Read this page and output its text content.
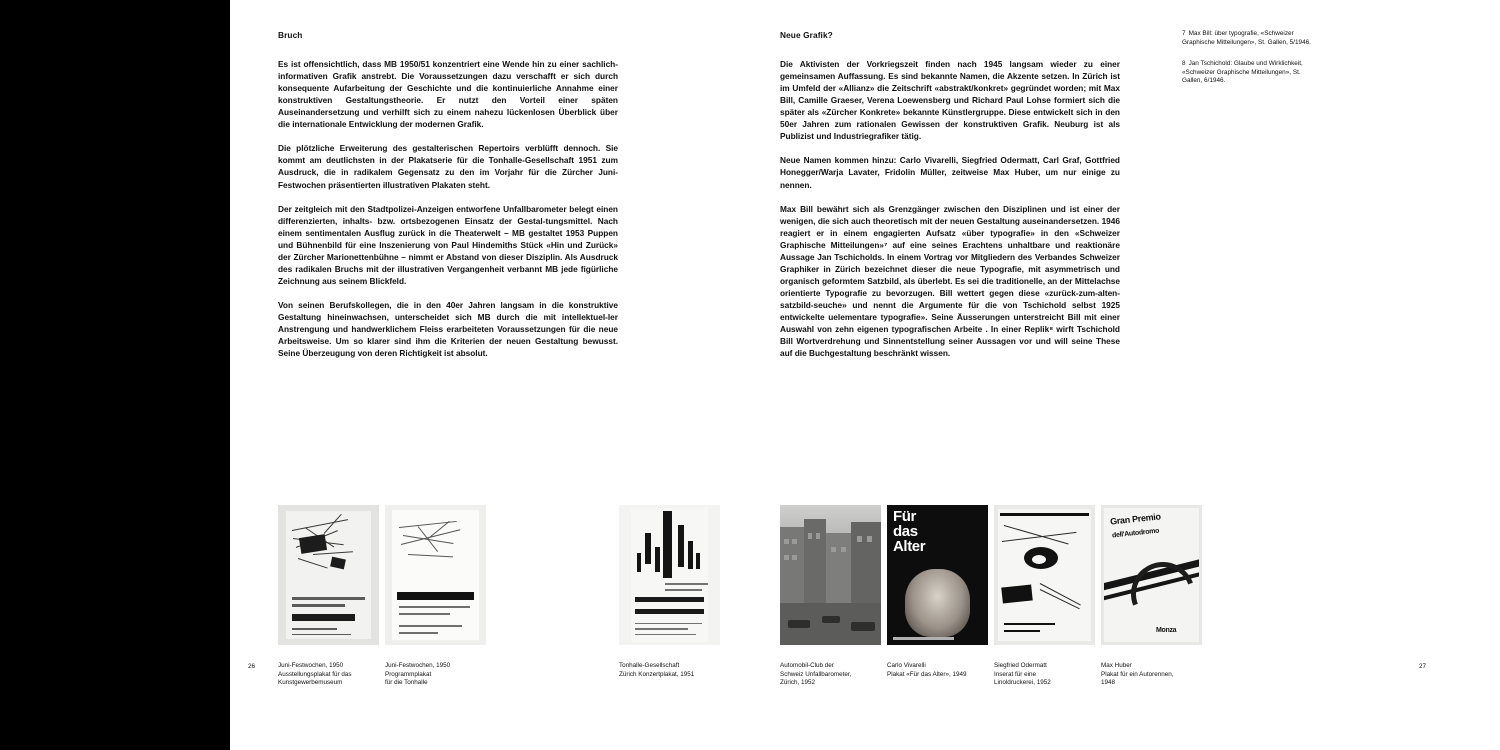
Bruch

Es ist offensichtlich, dass MB 1950/51 konzentriert eine Wende hin zu einer sachlich-informativen Grafik anstrebt. Die Voraussetzungen dazu verschafft er sich durch konsequente Aufarbeitung der Geschichte und die kontinuierliche Annahme einer konstruktiven Gestaltungstheorie. Er nutzt den Vorteil einer späten Auseinandersetzung und verhilft sich zu einem nahezu lückenlosen Überblick über die internationale Entwicklung der modernen Grafik.

Die plötzliche Erweiterung des gestalterischen Repertoirs verblüfft dennoch. Sie kommt am deutlichsten in der Plakatserie für die Tonhalle-Gesellschaft 1951 zum Ausdruck, die in radikalem Gegensatz zu den im Vorjahr für die Zürcher Juni-Festwochen präsentierten illustrativen Plakaten steht.

Der zeitgleich mit den Stadtpolizei-Anzeigen entworfene Unfallbarometer belegt einen differenzierten, inhalts- bzw. ortsbezogenen Einsatz der Gestal-tungsmittel. Nach einem sentimentalen Ausflug zurück in die Theaterwelt – MB gestaltet 1953 Puppen und Bühnenbild für eine Inszenierung von Paul Hindemiths Stück «Hin und Zurück» der Zürcher Marionettenbühne – nimmt er Abstand von dieser Disziplin. Als Ausdruck des radikalen Bruchs mit der illustrativen Vergangenheit verbannt MB jede figürliche Zeichnung aus seinem Blickfeld.

Von seinen Berufskollegen, die in den 40er Jahren langsam in die konstruktive Gestaltung hineinwachsen, unterscheidet sich MB durch die mit intellektuel-ler Anstrengung und handwerklichem Fleiss erarbeiteten Voraussetzungen für die neue Arbeitsweise. Um so klarer sind ihm die Kriterien der neuen Gestaltung bewusst. Seine Überzeugung von deren Richtigkeit ist absolut.

Neue Grafik?

Die Aktivisten der Vorkriegszeit finden nach 1945 langsam wieder zu einer gemeinsamen Auffassung. Es sind bekannte Namen, die Akzente setzen. In Zürich ist im Umfeld der «Allianz» die Zeitschrift «abstrakt/konkret» gegründet worden; mit Max Bill, Camille Graeser, Verena Loewensberg und Richard Paul Lohse formiert sich die später als «Zürcher Konkrete» bekannte Künstlergruppe. Diese entwickelt sich in den 50er Jahren zum rationalen Gewissen der konstruktiven Grafik. Neuburg ist als Publizist und Industriegrafiker tätig.

Neue Namen kommen hinzu: Carlo Vivarelli, Siegfried Odermatt, Carl Graf, Gottfried Honegger/Warja Lavater, Fridolin Müller, zeitweise Max Huber, um nur einige zu nennen.

Max Bill bewährt sich als Grenzgänger zwischen den Disziplinen und ist einer der wenigen, die sich auch theoretisch mit der neuen Gestaltung auseinandersetzen. 1946 reagiert er in einem engagierten Aufsatz «über typografie» in den «Schweizer Graphische Mitteilungen»⁷ auf eine seines Erachtens unhaltbare und reaktionäre Aussage Jan Tschicholds. In einem Vortrag vor Mitgliedern des Verbandes Schweizer Graphiker in Zürich bezeichnet dieser die neue Typografie, mit asymmetrisch und organisch geformtem Satzbild, als überlebt. Es sei die traditionelle, an der Mittelachse orientierte Typografie zu bevorzugen. Bill wettert gegen diese «zurück-zum-alten-satzbild-seuche» und nennt die Argumente für die von Tschichold selbst 1925 entwickelte uelementare typografie». Seine Äusserungen unterstreicht Bill mit einer Auswahl von zehn eigenen typografischen Arbeite . In einer Replik⁸ wirft Tschichold Bill Wortverdrehung und Sinnentstellung seiner Aussagen vor und will seine These auf die Buchgestaltung beschränkt wissen.

7 Max Bill: über typografie, «Schweizer Graphische Mitteilungen», St. Gallen, 5/1946.
8 Jan Tschichold: Glaube und Wirklichkeit, «Schweizer Graphische Mitteilungen», St. Gallen, 6/1946.
Juni-Festwochen, 1950
Ausstellungsplakat für das
Kunstgewerbemuseum
Juni-Festwochen, 1950
Programmplakat
für die Tonhalle
Tonhalle-Gesellschaft
Zürich Konzertplakat, 1951
Automobil-Club der
Schweiz Unfallbarometer,
Zürich, 1952
Für
das
Alter
Carlo Vivarelli
Plakat «Für das Alter», 1949
Siegfried Odermatt
Inserat für eine
Linoldruckerei, 1952
Gran Premio
dell'Autodromo
Monza
Max Huber
Plakat für ein Autorennen,
1948
26	27
